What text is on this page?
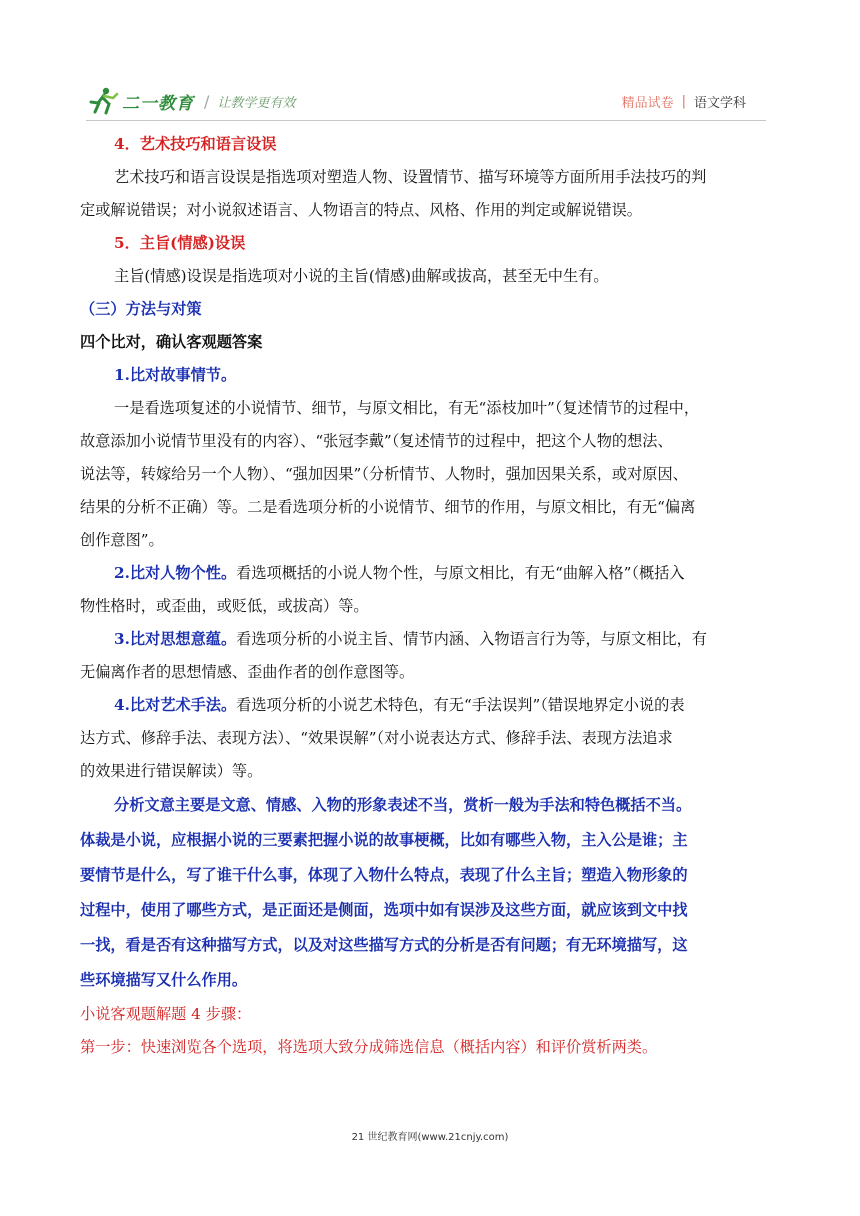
二一教育 / 让教学更有效	精品试卷 | 语文学科
4．艺术技巧和语言设误
艺术技巧和语言设误是指选项对塑造人物、设置情节、描写环境等方面所用手法技巧的判
定或解说错误；对小说叙述语言、人物语言的特点、风格、作用的判定或解说错误。
5．主旨(情感)设误
主旨(情感)设误是指选项对小说的主旨(情感)曲解或拔高，甚至无中生有。
（三）方法与对策
四个比对，确认客观题答案
1.比对故事情节。
一是看选项复述的小说情节、细节，与原文相比，有无“添枝加叶”（复述情节的过程中，
故意添加小说情节里没有的内容）、“张冠李戴”（复述情节的过程中，把这个人物的想法、
说法等，转嫁给另一个人物）、“强加因果”（分析情节、人物时，强加因果关系，或对原因、
结果的分析不正确）等。二是看选项分析的小说情节、细节的作用，与原文相比，有无“偏离
创作意图”。
2.比对人物个性。看选项概括的小说人物个性，与原文相比，有无“曲解入格”（概括入
物性格时，或歪曲，或贬低，或拔高）等。
3.比对思想意蕴。看选项分析的小说主旨、情节内涵、入物语言行为等，与原文相比，有
无偏离作者的思想情感、歪曲作者的创作意图等。
4.比对艺术手法。看选项分析的小说艺术特色，有无“手法误判”（错误地界定小说的表
达方式、修辞手法、表现方法）、“效果误解”（对小说表达方式、修辞手法、表现方法追求
的效果进行错误解读）等。
分析文意主要是文意、情感、入物的形象表述不当，赏析一般为手法和特色概括不当。
体裁是小说，应根据小说的三要素把握小说的故事梗概，比如有哪些入物，主入公是谁；主
要情节是什么，写了谁干什么事，体现了入物什么特点，表现了什么主旨；塑造入物形象的
过程中，使用了哪些方式，是正面还是侧面，选项中如有误涉及这些方面，就应该到文中找
一找，看是否有这种描写方式，以及对这些描写方式的分析是否有问题；有无环境描写，这
些环境描写又什么作用。
小说客观题解题 4 步骤：
第一步：快速浏览各个选项，将选项大致分成筛选信息（概括内容）和评价赏析两类。
21 世纪教育网(www.21cnjy.com)
